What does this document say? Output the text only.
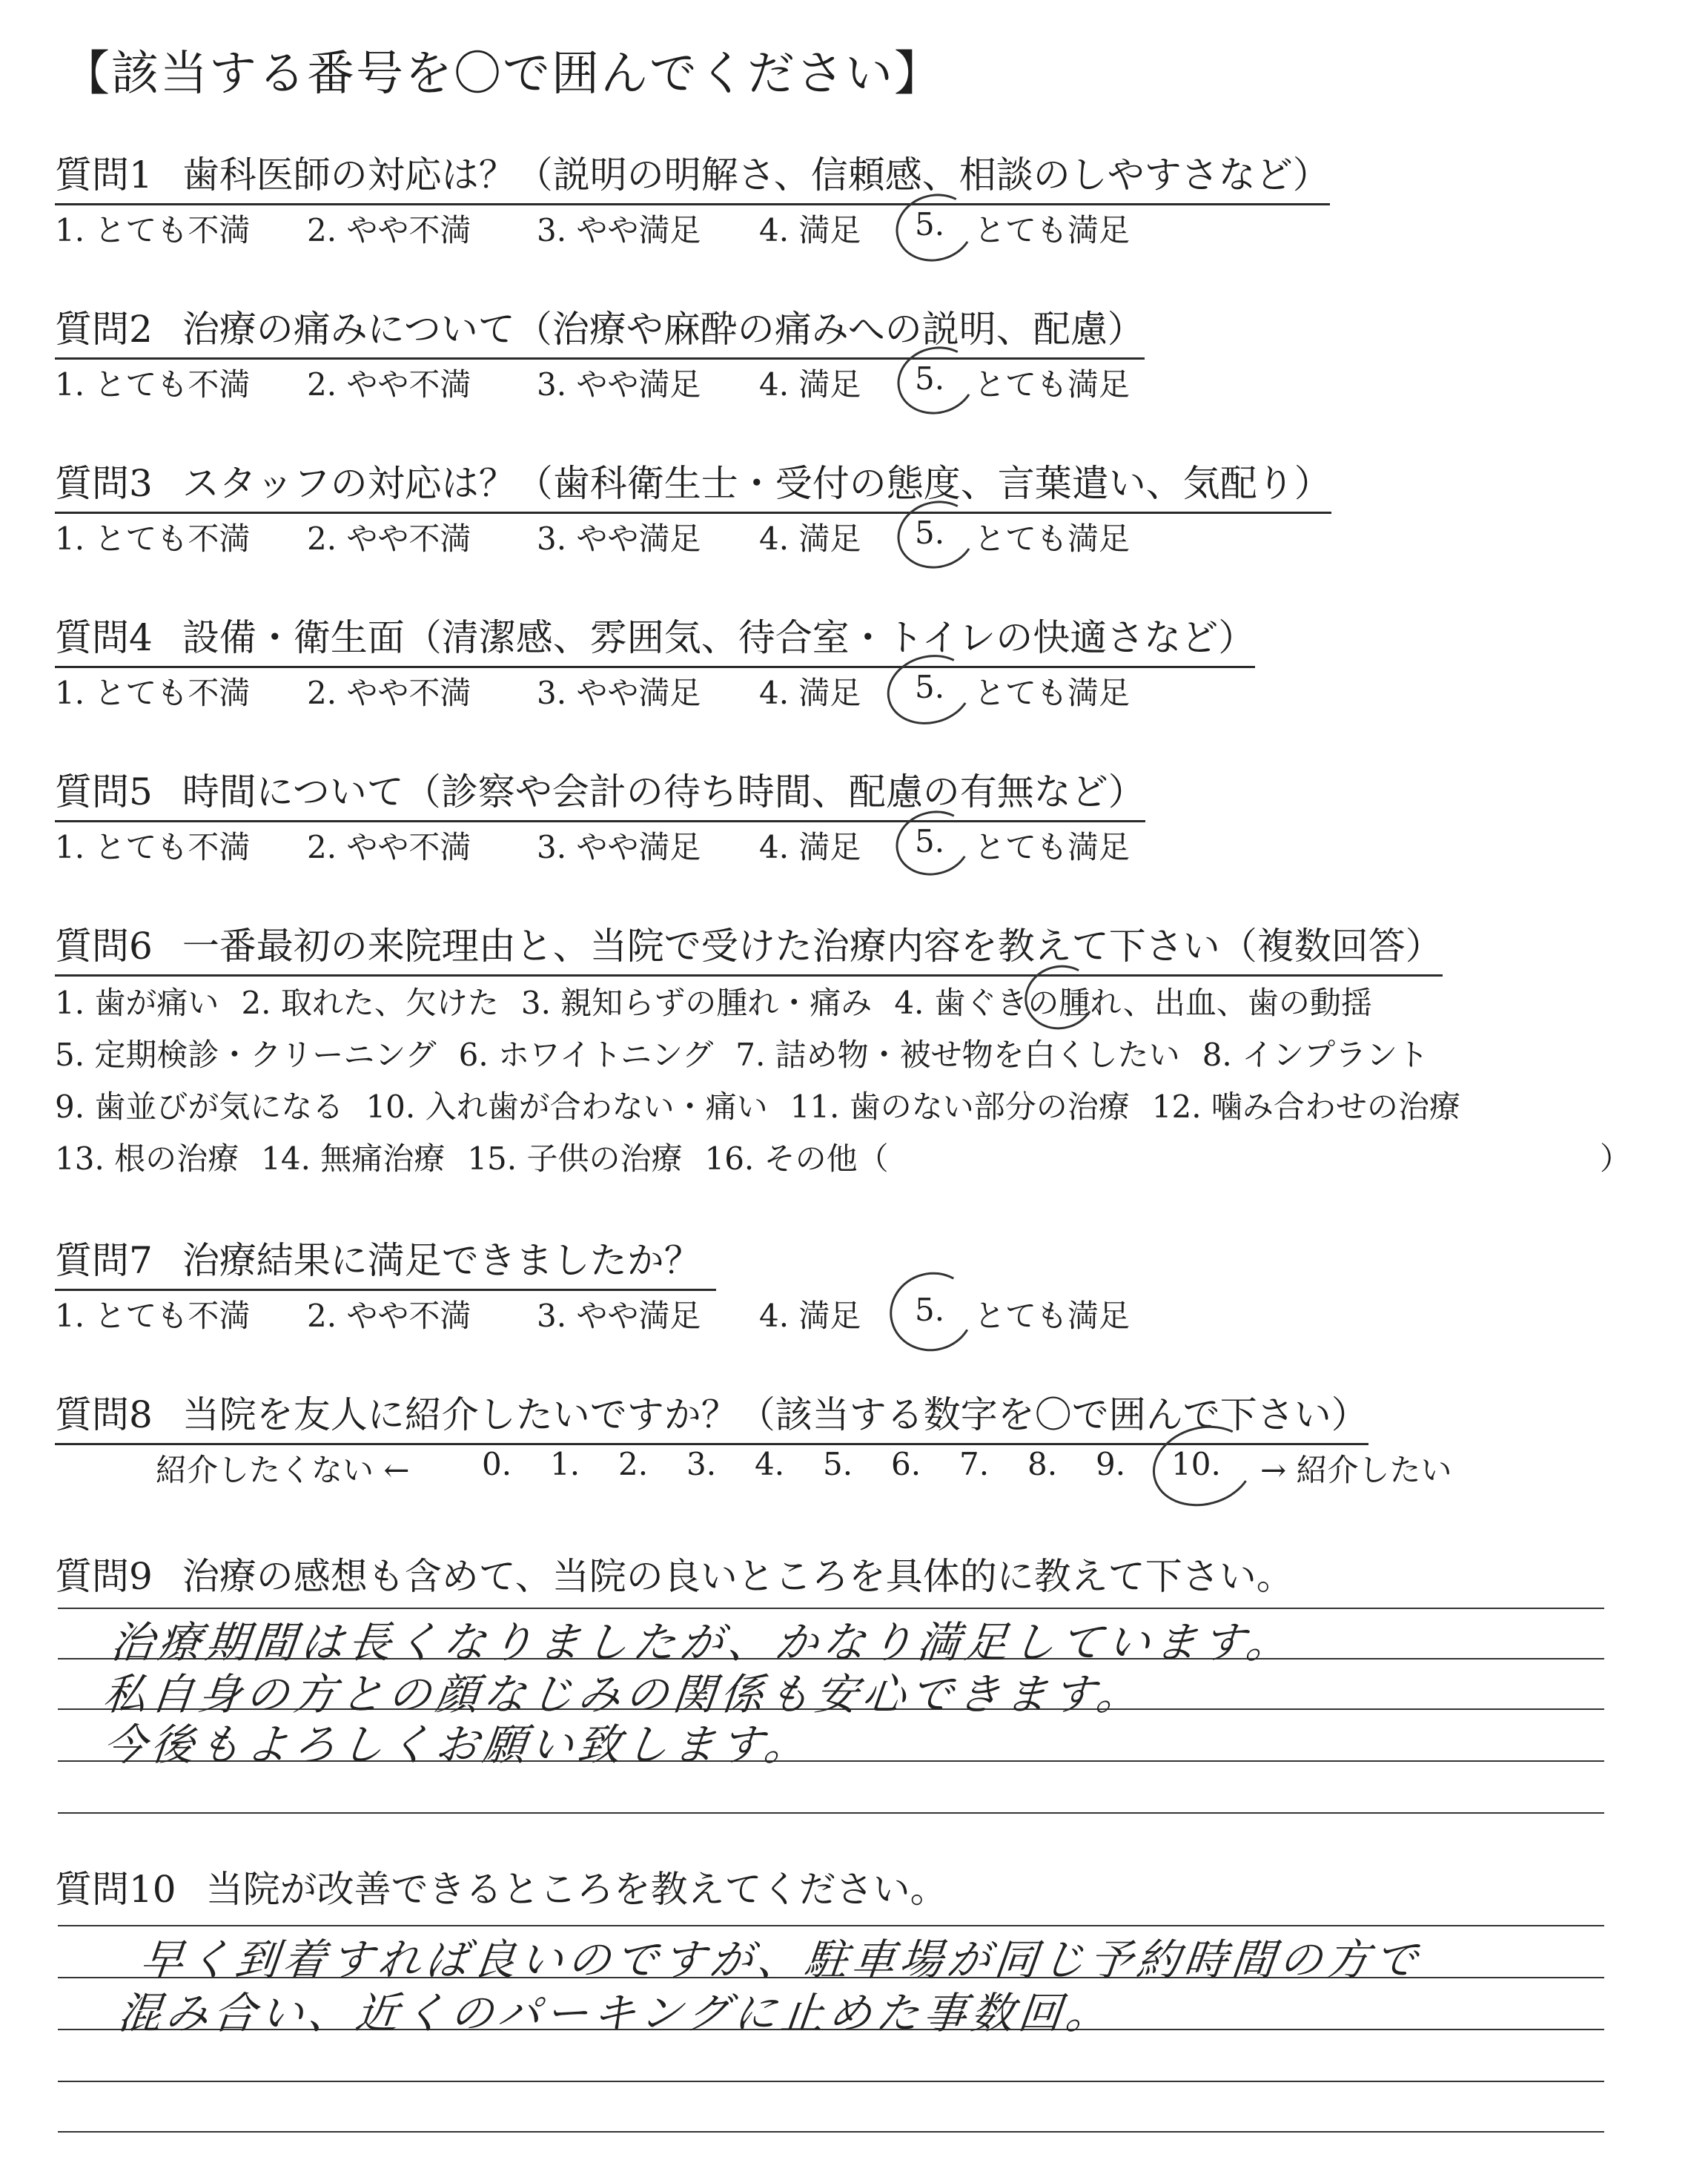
【該当する番号を〇で囲んでください】
質問1 歯科医師の対応は？（説明の明解さ、信頼感、相談のしやすさなど）
1. とても不満 2. やや不満 3. やや満足 4. 満足 5. とても満足
質問2 治療の痛みについて（治療や麻酔の痛みへの説明、配慮）
1. とても不満 2. やや不満 3. やや満足 4. 満足 5. とても満足
質問3 スタッフの対応は？（歯科衛生士・受付の態度、言葉遣い、気配り）
1. とても不満 2. やや不満 3. やや満足 4. 満足 5. とても満足
質問4 設備・衛生面（清潔感、雰囲気、待合室・トイレの快適さなど）
1. とても不満 2. やや不満 3. やや満足 4. 満足 5. とても満足
質問5 時間について（診察や会計の待ち時間、配慮の有無など）
1. とても不満 2. やや不満 3. やや満足 4. 満足 5. とても満足
質問6 一番最初の来院理由と、当院で受けた治療内容を教えて下さい（複数回答）
1. 歯が痛い 2. 取れた、欠けた 3. 親知らずの腫れ・痛み 4. 歯ぐきの腫れ、出血、歯の動揺
5. 定期検診・クリーニング 6. ホワイトニング 7. 詰め物・被せ物を白くしたい 8. インプラント
9. 歯並びが気になる 10. 入れ歯が合わない・痛い 11. 歯のない部分の治療 12. 噛み合わせの治療
13. 根の治療 14. 無痛治療 15. 子供の治療 16. その他（	）
質問7 治療結果に満足できましたか？
1. とても不満 2. やや不満 3. やや満足 4. 満足 5. とても満足
質問8 当院を友人に紹介したいですか？（該当する数字を〇で囲んで下さい）
紹介したくない ← 0. 1. 2. 3. 4. 5. 6. 7. 8. 9. 10. → 紹介したい
質問9 治療の感想も含めて、当院の良いところを具体的に教えて下さい。
治療期間は長くなりましたが、かなり満足しています。
私自身の方との顔なじみの関係も安心できます。
今後もよろしくお願い致します。
質問10 当院が改善できるところを教えてください。
早く到着すれば良いのですが、駐車場が同じ予約時間の方で
混み合い、近くのパーキングに止めた事数回。
